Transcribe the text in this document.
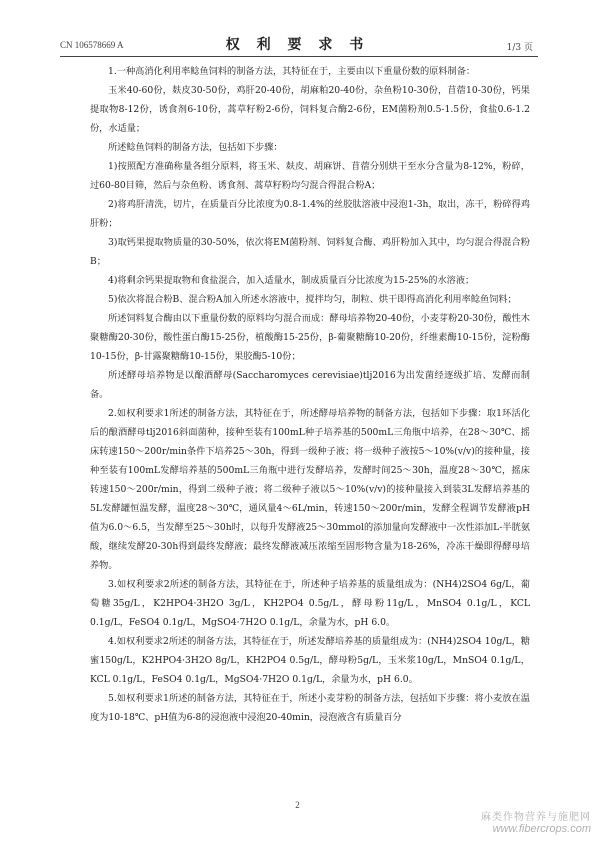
CN 106578669 A	权 利 要 求 书	1/3 页

1.一种高消化利用率鲶鱼饲料的制备方法，其特征在于，主要由以下重量份数的原料制备：

玉米40-60份，麸皮30-50份，鸡肝20-40份，胡麻粕20-40份，杂鱼粉10-30份，苜蓿10-30份，钙果提取物8-12份，诱食剂6-10份，蒿草籽粉2-6份，饲料复合酶2-6份，EM菌粉剂0.5-1.5份，食盐0.6-1.2份，水适量；

所述鲶鱼饲料的制备方法，包括如下步骤：

1)按照配方准确称量各组分原料，将玉米、麸皮、胡麻饼、苜蓿分别烘干至水分含量为8-12%，粉碎，过60-80目筛，然后与杂鱼粉、诱食剂、蒿草籽粉均匀混合得混合粉A；

2)将鸡肝清洗，切片，在质量百分比浓度为0.8-1.4%的丝胶肽溶液中浸泡1-3h，取出，冻干，粉碎得鸡肝粉；

3)取钙果提取物质量的30-50%，依次将EM菌粉剂、饲料复合酶、鸡肝粉加入其中，均匀混合得混合粉B；

4)将剩余钙果提取物和食盐混合，加入适量水，制成质量百分比浓度为15-25%的水溶液；

5)依次将混合粉B、混合粉A加入所述水溶液中，搅拌均匀，制粒、烘干即得高消化利用率鲶鱼饲料；

所述饲料复合酶由以下重量份数的原料均匀混合而成：酵母培养物20-40份，小麦芽粉20-30份，酸性木聚糖酶20-30份，酸性蛋白酶15-25份，植酸酶15-25份，β-葡聚糖酶10-20份，纤维素酶10-15份，淀粉酶10-15份，β-甘露聚糖酶10-15份，果胶酶5-10份；

所述酵母培养物是以酿酒酵母(Saccharomyces cerevisiae)tlj2016为出发菌经逐级扩培、发酵而制备。

2.如权利要求1所述的制备方法，其特征在于，所述酵母培养物的制备方法，包括如下步骤：取1环活化后的酿酒酵母tlj2016斜面菌种，接种至装有100mL种子培养基的500mL三角瓶中培养，在28～30℃、摇床转速150～200r/min条件下培养25～30h，得到一级种子液；将一级种子液按5～10%(v/v)的接种量，接种至装有100mL发酵培养基的500mL三角瓶中进行发酵培养，发酵时间25～30h，温度28～30℃，摇床转速150～200r/min，得到二级种子液；将二级种子液以5～10%(v/v)的接种量接入到装3L发酵培养基的5L发酵罐恒温发酵，温度28～30℃，通风量4～6L/min，转速150～200r/min，发酵全程调节发酵液pH值为6.0～6.5，当发酵至25～30h时，以每升发酵液25～30mmol的添加量向发酵液中一次性添加L-半胱氨酸，继续发酵20-30h得到最终发酵液；最终发酵液减压浓缩至固形物含量为18-26%，冷冻干燥即得酵母培养物。

3.如权利要求2所述的制备方法，其特征在于，所述种子培养基的质量组成为：(NH4)2SO4 6g/L，葡萄糖35g/L，K2HPO4·3H2O 3g/L，KH2PO4 0.5g/L，酵母粉11g/L，MnSO4 0.1g/L，KCL 0.1g/L，FeSO4 0.1g/L，MgSO4·7H2O 0.1g/L，余量为水，pH 6.0。

4.如权利要求2所述的制备方法，其特征在于，所述发酵培养基的质量组成为：(NH4)2SO4 10g/L，糖蜜150g/L，K2HPO4·3H2O 8g/L，KH2PO4 0.5g/L，酵母粉5g/L，玉米浆10g/L，MnSO4 0.1g/L，KCL 0.1g/L，FeSO4 0.1g/L，MgSO4·7H2O 0.1g/L，余量为水，pH 6.0。

5.如权利要求1所述的制备方法，其特征在于，所述小麦芽粉的制备方法，包括如下步骤：将小麦放在温度为10-18℃、pH值为6-8的浸泡液中浸泡20-40min，浸泡液含有质量百分

2
麻类作物营养与施肥网
www.fibercrops.com
